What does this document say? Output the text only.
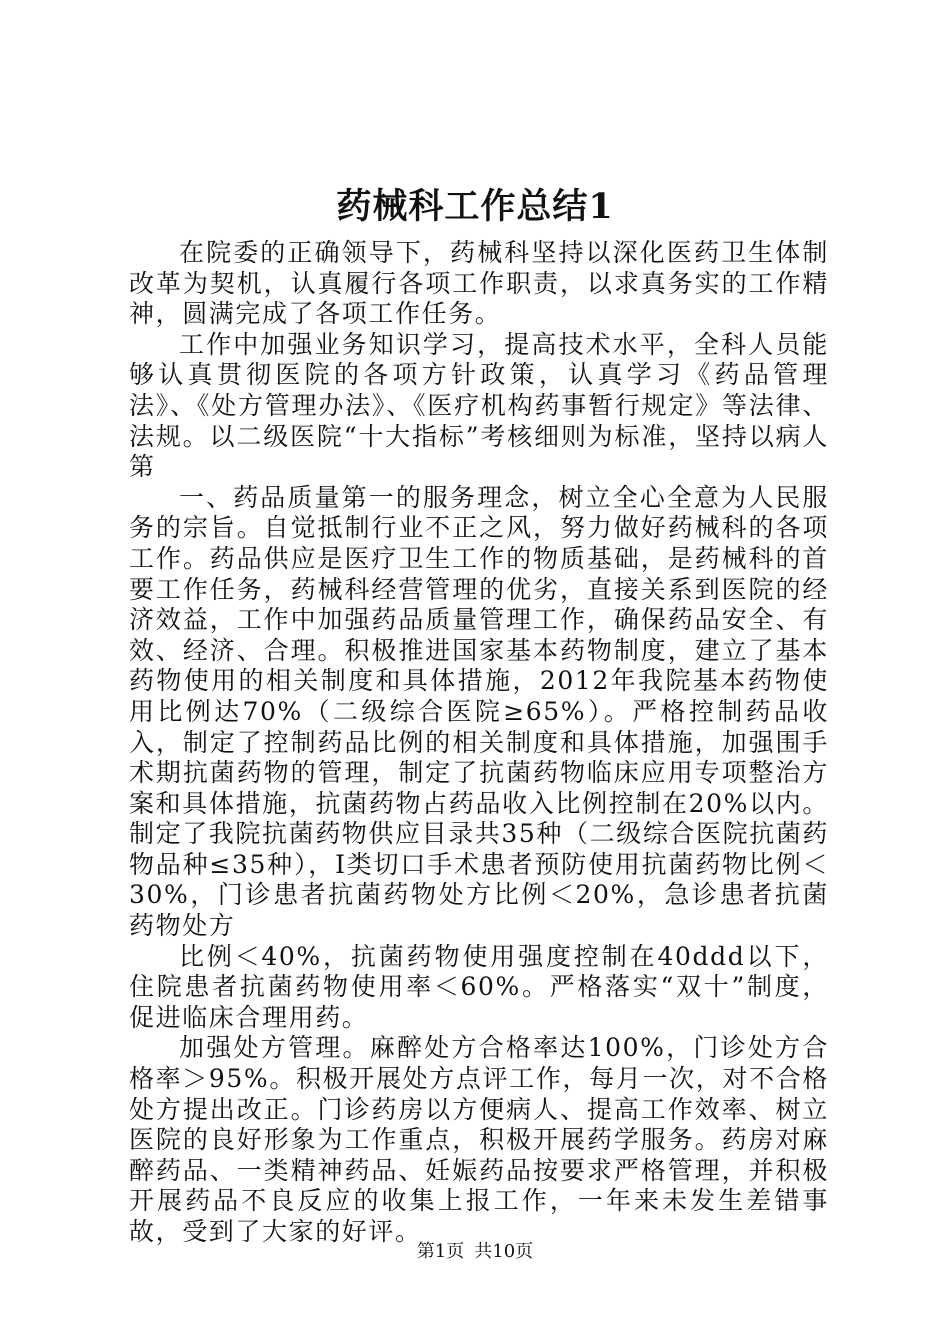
药械科工作总结1

在院委的正确领导下，药械科坚持以深化医药卫生体制改革为契机，认真履行各项工作职责，以求真务实的工作精神，圆满完成了各项工作任务。

工作中加强业务知识学习，提高技术水平，全科人员能够认真贯彻医院的各项方针政策，认真学习《药品管理法》、《处方管理办法》、《医疗机构药事暂行规定》等法律、法规。以二级医院“十大指标”考核细则为标准，坚持以病人第

一、药品质量第一的服务理念，树立全心全意为人民服务的宗旨。自觉抵制行业不正之风，努力做好药械科的各项工作。药品供应是医疗卫生工作的物质基础，是药械科的首要工作任务，药械科经营管理的优劣，直接关系到医院的经济效益，工作中加强药品质量管理工作，确保药品安全、有效、经济、合理。积极推进国家基本药物制度，建立了基本药物使用的相关制度和具体措施，2012年我院基本药物使用比例达70%（二级综合医院≥65%）。严格控制药品收入，制定了控制药品比例的相关制度和具体措施，加强围手术期抗菌药物的管理，制定了抗菌药物临床应用专项整治方案和具体措施，抗菌药物占药品收入比例控制在20%以内。制定了我院抗菌药物供应目录共35种（二级综合医院抗菌药物品种≤35种），Ⅰ类切口手术患者预防使用抗菌药物比例＜30%，门诊患者抗菌药物处方比例＜20%，急诊患者抗菌药物处方

比例＜40%，抗菌药物使用强度控制在40ddd以下，住院患者抗菌药物使用率＜60%。严格落实“双十”制度，促进临床合理用药。

加强处方管理。麻醉处方合格率达100%，门诊处方合格率＞95%。积极开展处方点评工作，每月一次，对不合格处方提出改正。门诊药房以方便病人、提高工作效率、树立医院的良好形象为工作重点，积极开展药学服务。药房对麻醉药品、一类精神药品、妊娠药品按要求严格管理，并积极开展药品不良反应的收集上报工作，一年来未发生差错事故，受到了大家的好评。

第1页 共10页
